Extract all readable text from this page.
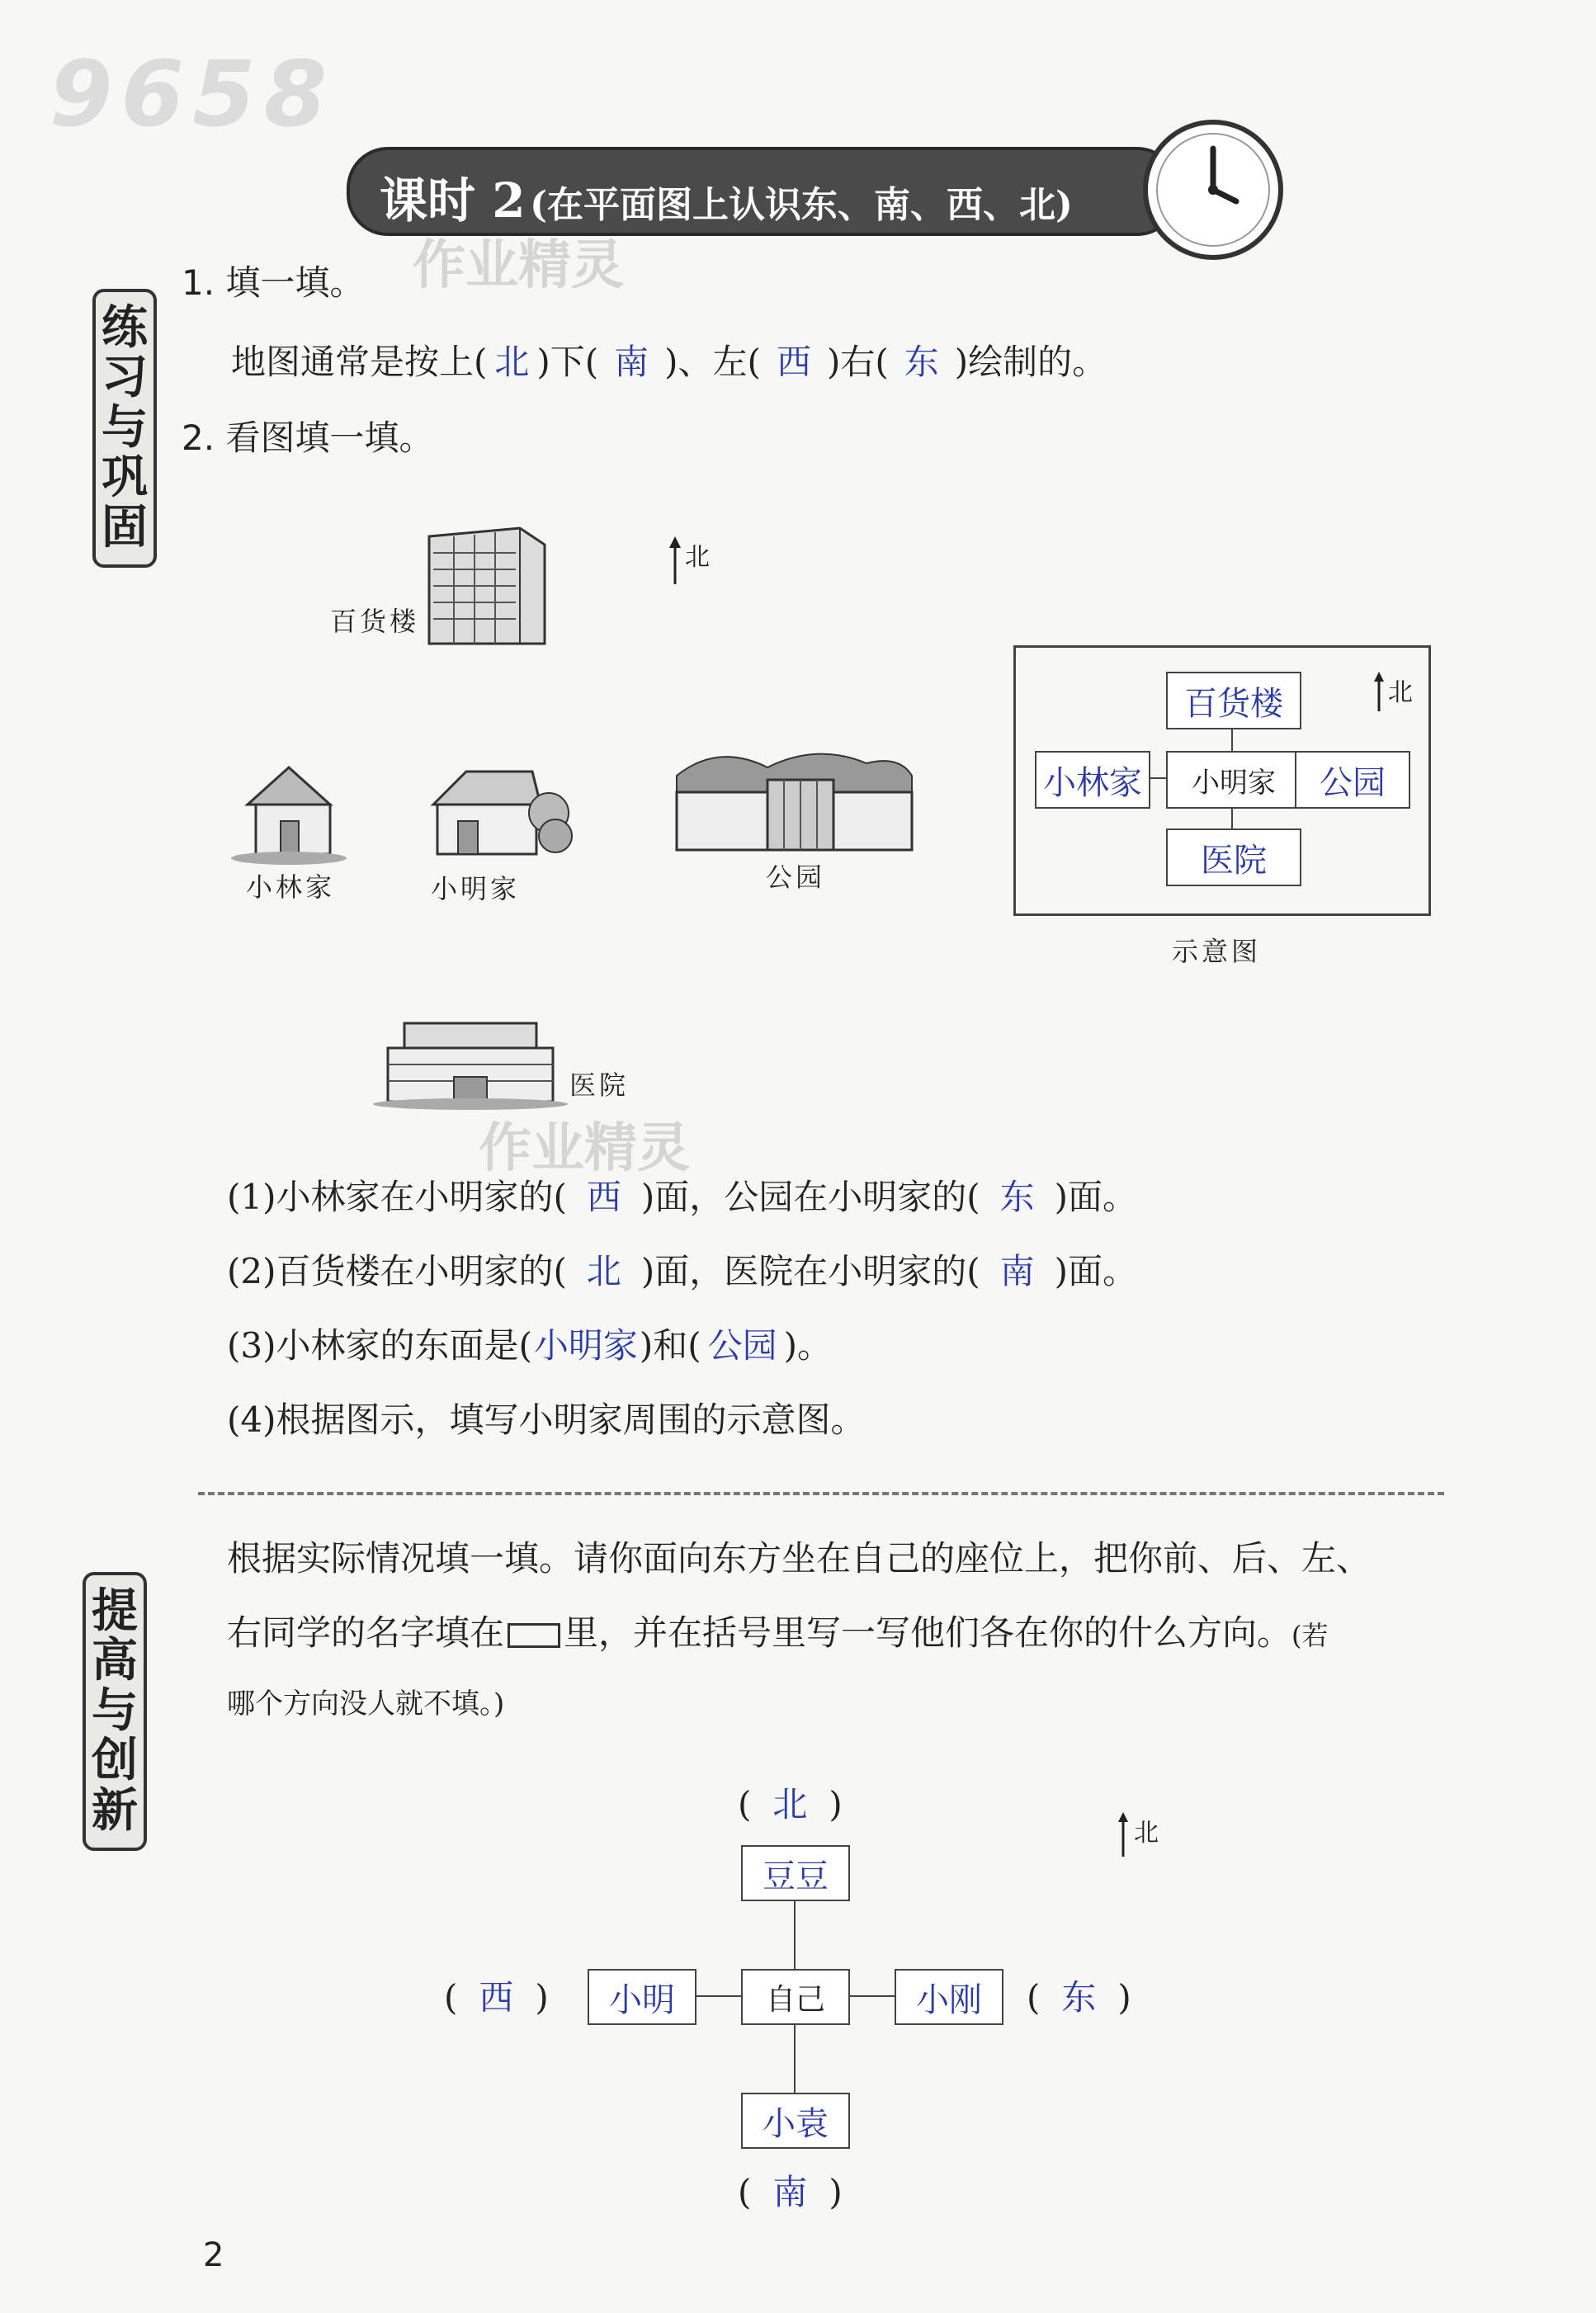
9658
课时 2 (在平面图上认识东、南、西、北)
作业精灵
作业精灵
练习与巩固
1. 填一填。
地图通常是按上( 北 )下( 南 )、左( 西 )右( 东 )绘制的。
2. 看图填一填。
北
百货楼
小林家	小明家	公园
医院
百货楼
小林家	小明家	公园
医院
北
示意图
(1)小林家在小明家的( 西 )面，公园在小明家的( 东 )面。
(2)百货楼在小明家的( 北 )面，医院在小明家的( 南 )面。
(3)小林家的东面是(小明家)和( 公园 )。
(4)根据图示，填写小明家周围的示意图。
提高与创新
根据实际情况填一填。请你面向东方坐在自己的座位上，把你前、后、左、
右同学的名字填在 里，并在括号里写一写他们各在你的什么方向。(若
哪个方向没人就不填。)
( 北 )
豆豆
( 西 )	小明	自己	小刚	( 东 )
小袁
( 南 )
北
2
